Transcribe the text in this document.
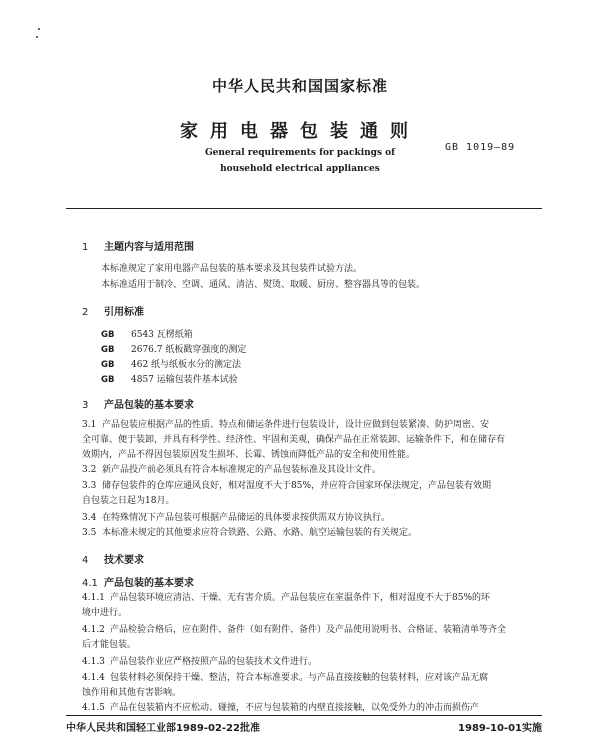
中华人民共和国国家标准
家用电器包装通则
General requirements for packings of
household electrical appliances
GB 1019—89
1 主题内容与适用范围
本标准规定了家用电器产品包装的基本要求及其包装件试验方法。
本标准适用于制冷、空调、通风、清洁、熨烫、取暖、厨房、整容器具等的包装。
2 引用标准
GB 6543 瓦楞纸箱
GB 2676.7 纸板戳穿强度的测定
GB 462 纸与纸板水分的测定法
GB 4857 运输包装件基本试验
3 产品包装的基本要求
3.1 产品包装应根据产品的性质、特点和储运条件进行包装设计，设计应做到包装紧凑、防护周密、安
全可靠、便于装卸，并具有科学性、经济性、牢固和美观，确保产品在正常装卸、运输条件下，和在储存有
效期内，产品不得因包装原因发生损坏、长霉、锈蚀而降低产品的安全和使用性能。
3.2 新产品投产前必须具有符合本标准规定的产品包装标准及其设计文件。
3.3 储存包装件的仓库应通风良好，相对湿度不大于85%，并应符合国家环保法规定，产品包装有效期
自包装之日起为18月。
3.4 在特殊情况下产品包装可根据产品储运的具体要求按供需双方协议执行。
3.5 本标准未规定的其他要求应符合铁路、公路、水路、航空运输包装的有关规定。
4 技术要求
4.1 产品包装的基本要求
4.1.1 产品包装环境应清洁、干燥、无有害介质。产品包装应在室温条件下，相对湿度不大于85%的环
境中进行。
4.1.2 产品检验合格后，应在附件、备件（如有附件、备件）及产品使用说明书、合格证、装箱清单等齐全
后才能包装。
4.1.3 产品包装作业应严格按照产品的包装技术文件进行。
4.1.4 包装材料必须保持干燥、整洁，符合本标准要求。与产品直接接触的包装材料，应对该产品无腐
蚀作用和其他有害影响。
4.1.5 产品在包装箱内不应松动、碰撞，不应与包装箱的内壁直接接触，以免受外力的冲击而损伤产
中华人民共和国轻工业部1989-02-22批准	1989-10-01实施
